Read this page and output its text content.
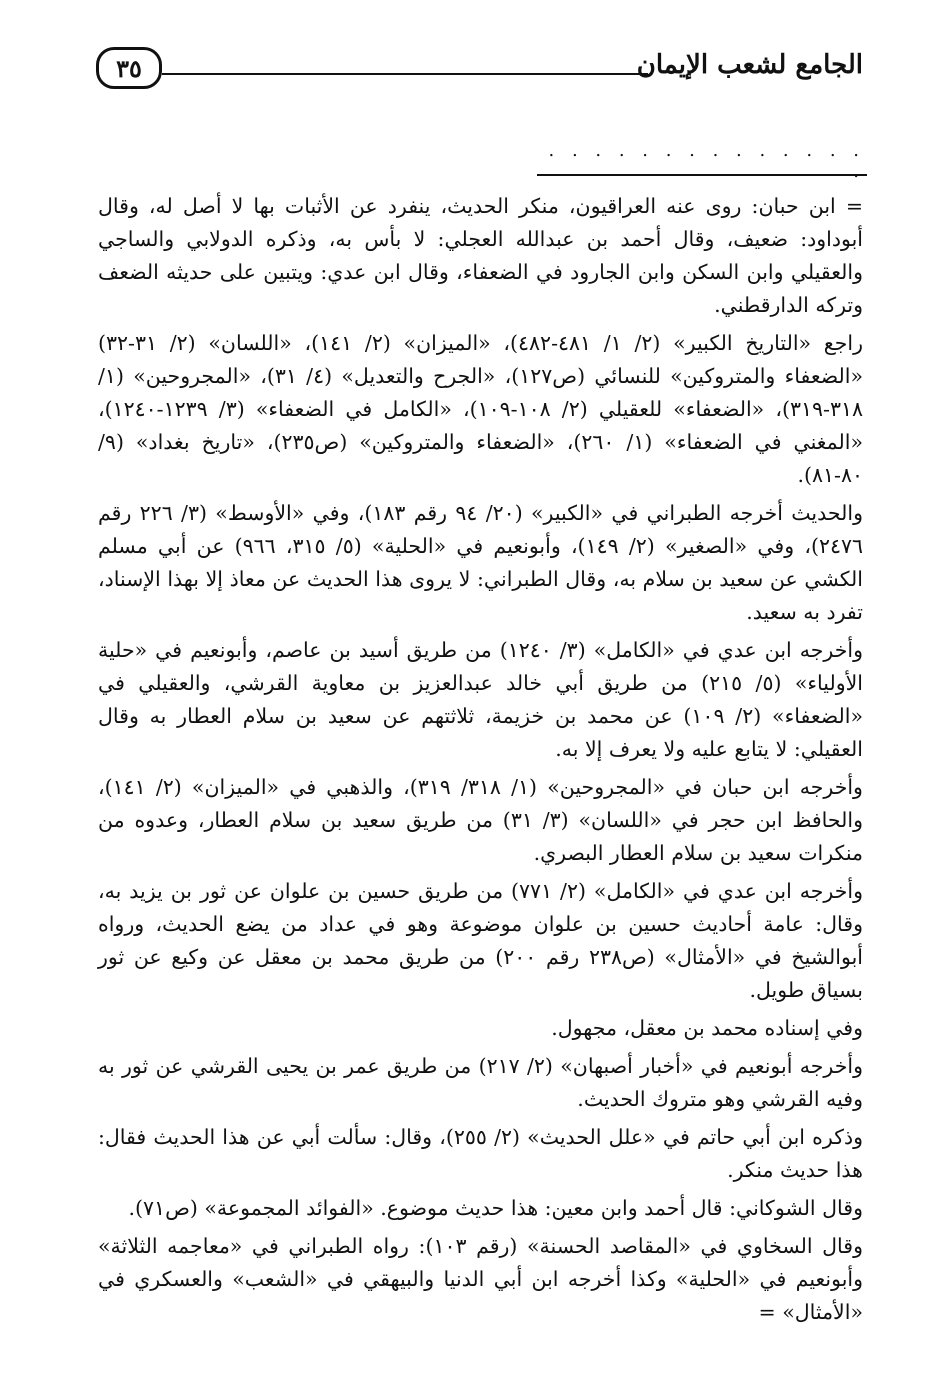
الجامع لشعب الإيمان
٣٥
. . . . . . . . . . . . . . .

= ابن حبان: روى عنه العراقيون، منكر الحديث، ينفرد عن الأثبات بها لا أصل له، وقال أبوداود: ضعيف، وقال أحمد بن عبدالله العجلي: لا بأس به، وذكره الدولابي والساجي والعقيلي وابن السكن وابن الجارود في الضعفاء، وقال ابن عدي: ويتبين على حديثه الضعف وتركه الدارقطني.

راجع «التاريخ الكبير» (٢/ ١/ ٤٨١-٤٨٢)، «الميزان» (٢/ ١٤١)، «اللسان» (٢/ ٣١-٣٢) «الضعفاء والمتروكين» للنسائي (ص١٢٧)، «الجرح والتعديل» (٤/ ٣١)، «المجروحين» (١/ ٣١٨-٣١٩)، «الضعفاء» للعقيلي (٢/ ١٠٨-١٠٩)، «الكامل في الضعفاء» (٣/ ١٢٣٩-١٢٤٠)، «المغني في الضعفاء» (١/ ٢٦٠)، «الضعفاء والمتروكين» (ص٢٣٥)، «تاريخ بغداد» (٩/ ٨٠-٨١).

والحديث أخرجه الطبراني في «الكبير» (٢٠/ ٩٤ رقم ١٨٣)، وفي «الأوسط» (٣/ ٢٢٦ رقم ٢٤٧٦)، وفي «الصغير» (٢/ ١٤٩)، وأبونعيم في «الحلية» (٥/ ٣١٥، ٩٦٦) عن أبي مسلم الكشي عن سعيد بن سلام به، وقال الطبراني: لا يروى هذا الحديث عن معاذ إلا بهذا الإسناد، تفرد به سعيد.

وأخرجه ابن عدي في «الكامل» (٣/ ١٢٤٠) من طريق أسيد بن عاصم، وأبونعيم في «حلية الأولياء» (٥/ ٢١٥) من طريق أبي خالد عبدالعزيز بن معاوية القرشي، والعقيلي في «الضعفاء» (٢/ ١٠٩) عن محمد بن خزيمة، ثلاثتهم عن سعيد بن سلام العطار به وقال العقيلي: لا يتابع عليه ولا يعرف إلا به.

وأخرجه ابن حبان في «المجروحين» (١/ ٣١٨/ ٣١٩)، والذهبي في «الميزان» (٢/ ١٤١)، والحافظ ابن حجر في «اللسان» (٣/ ٣١) من طريق سعيد بن سلام العطار، وعدوه من منكرات سعيد بن سلام العطار البصري.

وأخرجه ابن عدي في «الكامل» (٢/ ٧٧١) من طريق حسين بن علوان عن ثور بن يزيد به، وقال: عامة أحاديث حسين بن علوان موضوعة وهو في عداد من يضع الحديث، ورواه أبوالشيخ في «الأمثال» (ص٢٣٨ رقم ٢٠٠) من طريق محمد بن معقل عن وكيع عن ثور بسياق طويل.

وفي إسناده محمد بن معقل، مجهول.

وأخرجه أبونعيم في «أخبار أصبهان» (٢/ ٢١٧) من طريق عمر بن يحيى القرشي عن ثور به وفيه القرشي وهو متروك الحديث.

وذكره ابن أبي حاتم في «علل الحديث» (٢/ ٢٥٥)، وقال: سألت أبي عن هذا الحديث فقال: هذا حديث منكر.

وقال الشوكاني: قال أحمد وابن معين: هذا حديث موضوع. «الفوائد المجموعة» (ص٧١).

وقال السخاوي في «المقاصد الحسنة» (رقم ١٠٣): رواه الطبراني في «معاجمه الثلاثة» وأبونعيم في «الحلية» وكذا أخرجه ابن أبي الدنيا والبيهقي في «الشعب» والعسكري في «الأمثال» =
